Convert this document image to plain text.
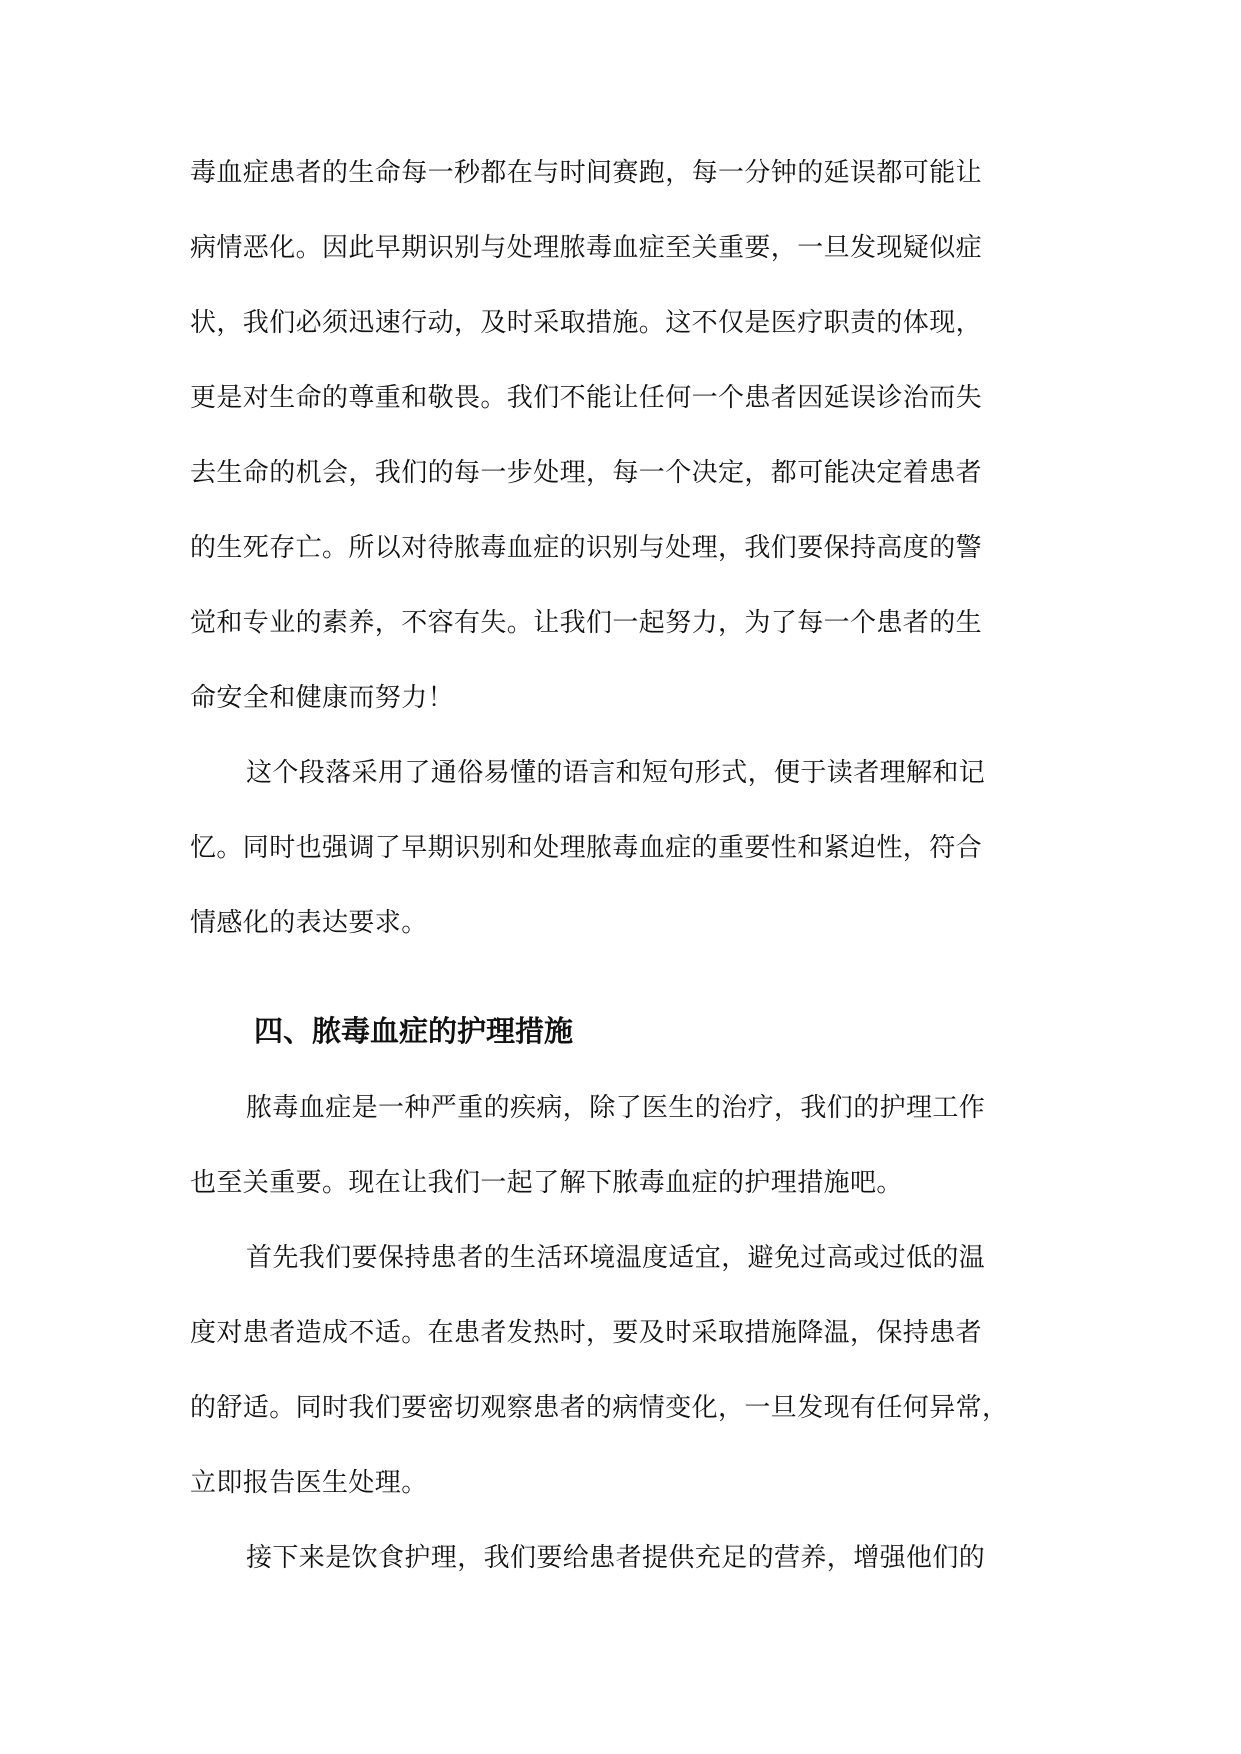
毒血症患者的生命每一秒都在与时间赛跑，每一分钟的延误都可能让
病情恶化。因此早期识别与处理脓毒血症至关重要，一旦发现疑似症
状，我们必须迅速行动，及时采取措施。这不仅是医疗职责的体现，
更是对生命的尊重和敬畏。我们不能让任何一个患者因延误诊治而失
去生命的机会，我们的每一步处理，每一个决定，都可能决定着患者
的生死存亡。所以对待脓毒血症的识别与处理，我们要保持高度的警
觉和专业的素养，不容有失。让我们一起努力，为了每一个患者的生
命安全和健康而努力！
这个段落采用了通俗易懂的语言和短句形式，便于读者理解和记
忆。同时也强调了早期识别和处理脓毒血症的重要性和紧迫性，符合
情感化的表达要求。
四、脓毒血症的护理措施
脓毒血症是一种严重的疾病，除了医生的治疗，我们的护理工作
也至关重要。现在让我们一起了解下脓毒血症的护理措施吧。
首先我们要保持患者的生活环境温度适宜，避免过高或过低的温
度对患者造成不适。在患者发热时，要及时采取措施降温，保持患者
的舒适。同时我们要密切观察患者的病情变化，一旦发现有任何异常，
立即报告医生处理。
接下来是饮食护理，我们要给患者提供充足的营养，增强他们的
